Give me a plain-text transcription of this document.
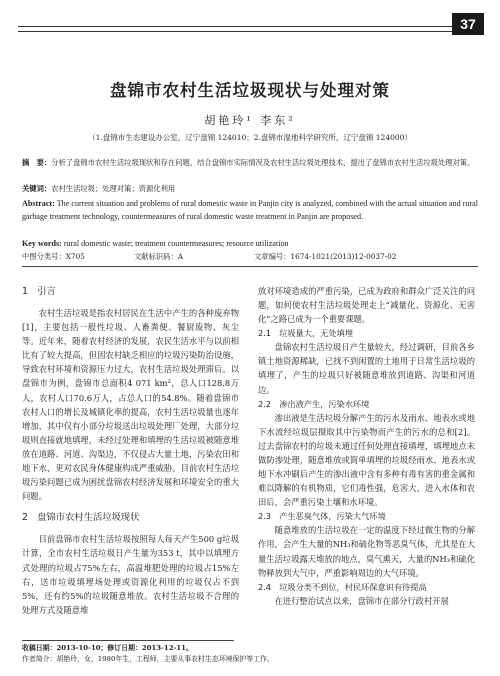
37
盘锦市农村生活垃圾现状与处理对策
胡艳玲¹ 李东²
（1.盘锦市生态建设办公室，辽宁盘锦 124010；2.盘锦市湿地科学研究所，辽宁盘锦 124000）
摘　要：分析了盘锦市农村生活垃圾现状和存在问题，结合盘锦市实际情况及农村生活垃圾处理技术，提出了盘锦市农村生活垃圾处理对策。
关键词：农村生活垃圾；处理对策；资源化利用
Abstract: The current situation and problems of rural domestic waste in Panjin city is analyzed, combined with the actual situation and rural garbage treatment technology, countermeasures of rural domestic waste treatment in Panjin are proposed.
Key words: rural domestic waste; treatment countermeasures; resource utilization
中图分类号：X705	文献标识码：A	文章编号：1674-1021(2013)12-0037-02
1　引言

农村生活垃圾是指农村居民在生活中产生的各种废弃物[1]，主要包括一般性垃圾、人畜粪便、餐厨废物、灰尘等。近年来，随着农村经济的发展，农民生活水平与以前相比有了较大提高，但因农村缺乏相应的垃圾污染防治设施，导致农村环境和资源压力过大，农村生活垃圾处理滞后。以盘锦市为例，盘锦市总面积4 071 km²，总人口128.8万人，农村人口70.6万人，占总人口的54.8%。随着盘锦市农村人口的增长及城镇化率的提高，农村生活垃圾量也逐年增加，其中仅有小部分垃圾送出垃圾处理厂处理，大部分垃圾则直接就地填埋，未经过处理和填埋的生活垃圾被随意堆放在道路、河道、沟渠边，不仅侵占大量土地，污染农田和地下水，更对农民身体健康构成严重威胁。目前农村生活垃圾污染问题已成为困扰盘锦农村经济发展和环境安全的重大问题。

2　盘锦市农村生活垃圾现状

目前盘锦市农村生活垃圾按照每人每天产生500 g垃圾计算，全市农村生活垃圾日产生量为353 t，其中以填埋方式处理的垃圾占75%左右，高温堆肥处理的垃圾占15%左右，送市垃圾填埋场处理或资源化利用的垃圾仅占不到5%，还有约5%的垃圾随意堆放。农村生活垃圾不合理的处理方式及随意堆

放对环境造成的严重污染，已成为政府和群众广泛关注的问题，如何使农村生活垃圾处理走上“减量化、资源化、无害化”之路已成为一个重要课题。

2.1　垃圾量大，无处填埋

盘锦农村生活垃圾日产生量较大，经过调研，目前各乡镇土地资源稀缺，已找不到闲置的土地用于日常生活垃圾的填埋了，产生的垃圾只好被随意堆放到道路、沟渠和河道边。

2.2　渗出液产生，污染水环境

渗出液是生活垃圾分解产生的污水及雨水、地表水或地下水流经垃圾层摄取其中污染物而产生的污水的总和[2]。过去盘锦农村的垃圾未通过任何处理直接填埋，填埋地点未做防渗处理，随意堆放或简单填埋的垃圾经雨水、地表水或地下水冲刷后产生的渗出液中含有多种有毒有害的重金属和难以降解的有机物质，它们毒性强，危害大，进入水体和农田后，会严重污染土壤和水环境。

2.3　产生恶臭气体，污染大气环境

随意堆放的生活垃圾在一定的温度下经过微生物的分解作用，会产生大量的NH₃和硫化物等恶臭气体，尤其是在大量生活垃圾露天堆放的地点，臭气熏天，大量的NH₃和硫化物释放到大气中，严重影响周边的大气环境。

2.4　垃圾分类不到位，村民环保意识有待提高

在进行整治试点以来，盘锦市在部分行政村开展

收稿日期：2013-10-10；修订日期：2013-12-11。
作者简介：胡艳玲，女，1980年生，工程师，主要从事农村生态环境保护等工作。
